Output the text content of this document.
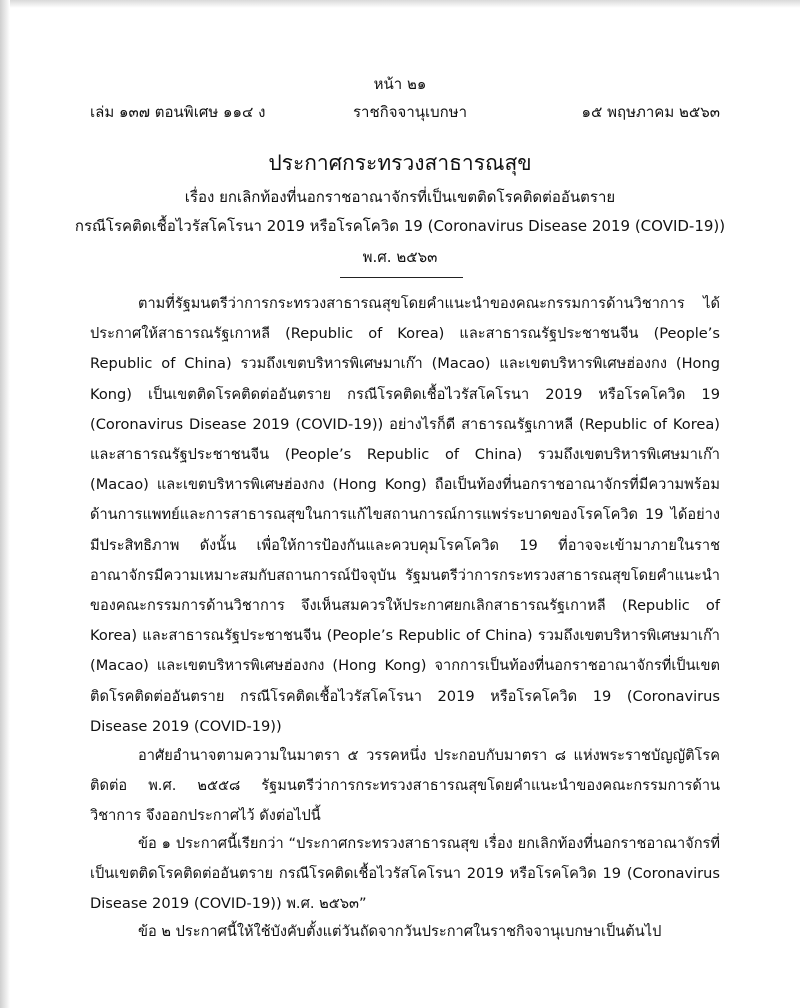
หน้า ๒๑
เล่ม ๑๓๗ ตอนพิเศษ ๑๑๔ ง	ราชกิจจานุเบกษา	๑๕ พฤษภาคม ๒๕๖๓
ประกาศกระทรวงสาธารณสุข
เรื่อง ยกเลิกท้องที่นอกราชอาณาจักรที่เป็นเขตติดโรคติดต่ออันตราย
กรณีโรคติดเชื้อไวรัสโคโรนา 2019 หรือโรคโควิด 19 (Coronavirus Disease 2019 (COVID-19))
พ.ศ. ๒๕๖๓

ตามที่รัฐมนตรีว่าการกระทรวงสาธารณสุขโดยคำแนะนำของคณะกรรมการด้านวิชาการ ได้ประกาศให้สาธารณรัฐเกาหลี (Republic of Korea) และสาธารณรัฐประชาชนจีน (People’s Republic of China) รวมถึงเขตบริหารพิเศษมาเก๊า (Macao) และเขตบริหารพิเศษฮ่องกง (Hong Kong) เป็นเขตติดโรคติดต่ออันตราย กรณีโรคติดเชื้อไวรัสโคโรนา 2019 หรือโรคโควิด 19 (Coronavirus Disease 2019 (COVID-19)) อย่างไรก็ดี สาธารณรัฐเกาหลี (Republic of Korea) และสาธารณรัฐประชาชนจีน (People’s Republic of China) รวมถึงเขตบริหารพิเศษมาเก๊า (Macao) และเขตบริหารพิเศษฮ่องกง (Hong Kong) ถือเป็นท้องที่นอกราชอาณาจักรที่มีความพร้อมด้านการแพทย์และการสาธารณสุขในการแก้ไขสถานการณ์การแพร่ระบาดของโรคโควิด 19 ได้อย่างมีประสิทธิภาพ ดังนั้น เพื่อให้การป้องกันและควบคุมโรคโควิด 19 ที่อาจจะเข้ามาภายในราชอาณาจักรมีความเหมาะสมกับสถานการณ์ปัจจุบัน รัฐมนตรีว่าการกระทรวงสาธารณสุขโดยคำแนะนำของคณะกรรมการด้านวิชาการ จึงเห็นสมควรให้ประกาศยกเลิกสาธารณรัฐเกาหลี (Republic of Korea) และสาธารณรัฐประชาชนจีน (People’s Republic of China) รวมถึงเขตบริหารพิเศษมาเก๊า (Macao) และเขตบริหารพิเศษฮ่องกง (Hong Kong) จากการเป็นท้องที่นอกราชอาณาจักรที่เป็นเขตติดโรคติดต่ออันตราย กรณีโรคติดเชื้อไวรัสโคโรนา 2019 หรือโรคโควิด 19 (Coronavirus Disease 2019 (COVID-19))

อาศัยอำนาจตามความในมาตรา ๕ วรรคหนึ่ง ประกอบกับมาตรา ๘ แห่งพระราชบัญญัติโรคติดต่อ พ.ศ. ๒๕๕๘ รัฐมนตรีว่าการกระทรวงสาธารณสุขโดยคำแนะนำของคณะกรรมการด้านวิชาการ จึงออกประกาศไว้ ดังต่อไปนี้

ข้อ ๑ ประกาศนี้เรียกว่า “ประกาศกระทรวงสาธารณสุข เรื่อง ยกเลิกท้องที่นอกราชอาณาจักรที่เป็นเขตติดโรคติดต่ออันตราย กรณีโรคติดเชื้อไวรัสโคโรนา 2019 หรือโรคโควิด 19 (Coronavirus Disease 2019 (COVID-19)) พ.ศ. ๒๕๖๓”

ข้อ ๒ ประกาศนี้ให้ใช้บังคับตั้งแต่วันถัดจากวันประกาศในราชกิจจานุเบกษาเป็นต้นไป
